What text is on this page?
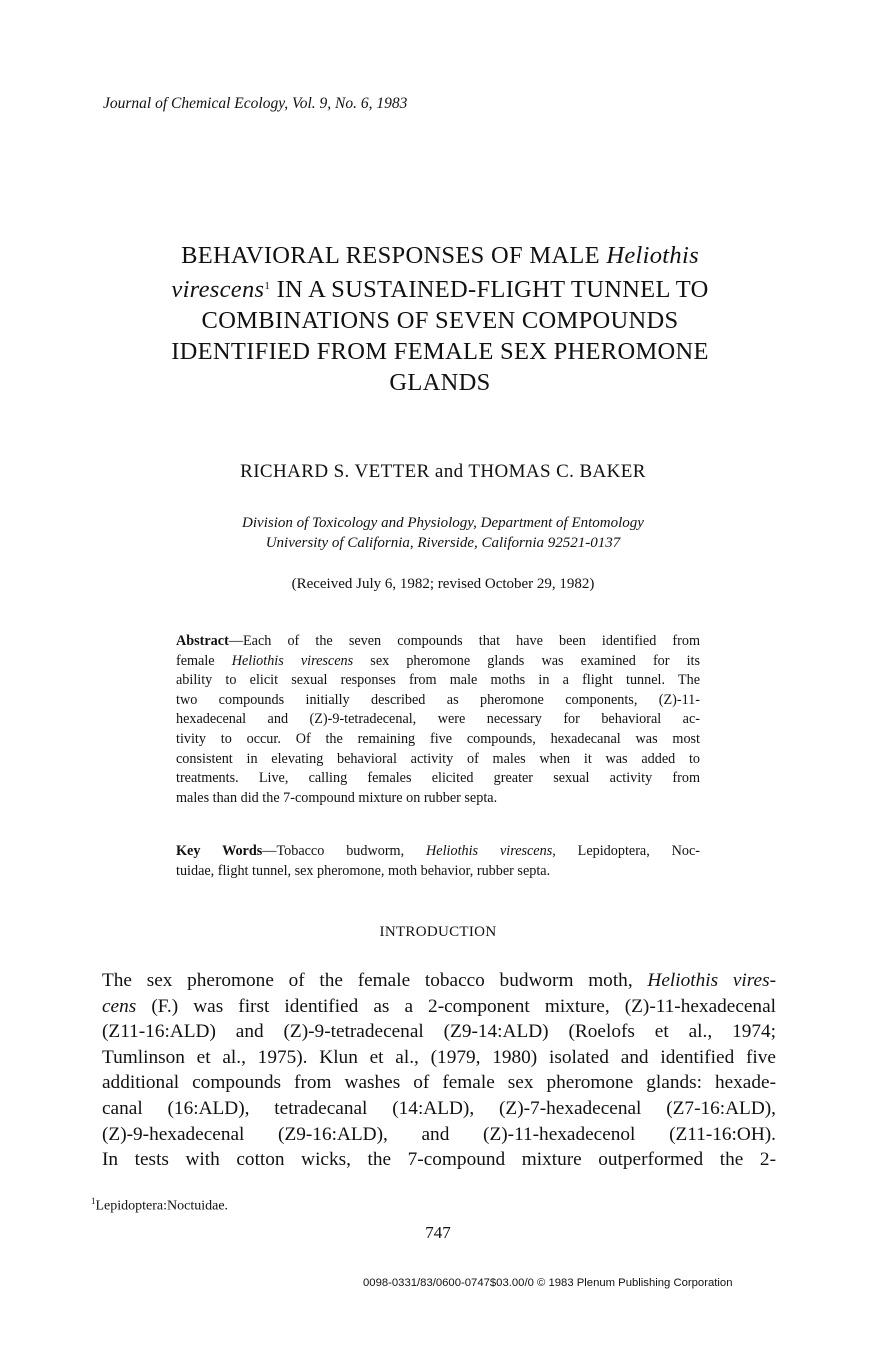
Journal of Chemical Ecology, Vol. 9, No. 6, 1983
BEHAVIORAL RESPONSES OF MALE Heliothis
virescens$^1$ IN A SUSTAINED-FLIGHT TUNNEL TO
COMBINATIONS OF SEVEN COMPOUNDS
IDENTIFIED FROM FEMALE SEX PHEROMONE
GLANDS
RICHARD S. VETTER and THOMAS C. BAKER
Division of Toxicology and Physiology, Department of Entomology
University of California, Riverside, California 92521-0137
(Received July 6, 1982; revised October 29, 1982)
Abstract—Each of the seven compounds that have been identified from
female Heliothis virescens sex pheromone glands was examined for its
ability to elicit sexual responses from male moths in a flight tunnel. The
two compounds initially described as pheromone components, (Z)-11-
hexadecenal and (Z)-9-tetradecenal, were necessary for behavioral ac-
tivity to occur. Of the remaining five compounds, hexadecanal was most
consistent in elevating behavioral activity of males when it was added to
treatments. Live, calling females elicited greater sexual activity from
males than did the 7-compound mixture on rubber septa.
Key Words—Tobacco budworm, Heliothis virescens, Lepidoptera, Noc-
tuidae, flight tunnel, sex pheromone, moth behavior, rubber septa.
INTRODUCTION
The sex pheromone of the female tobacco budworm moth, Heliothis vires-
cens (F.) was first identified as a 2-component mixture, (Z)-11-hexadecenal
(Z11-16:ALD) and (Z)-9-tetradecenal (Z9-14:ALD) (Roelofs et al., 1974;
Tumlinson et al., 1975). Klun et al., (1979, 1980) isolated and identified five
additional compounds from washes of female sex pheromone glands: hexade-
canal (16:ALD), tetradecanal (14:ALD), (Z)-7-hexadecenal (Z7-16:ALD),
(Z)-9-hexadecenal (Z9-16:ALD), and (Z)-11-hexadecenol (Z11-16:OH).
In tests with cotton wicks, the 7-compound mixture outperformed the 2-
$^1$Lepidoptera:Noctuidae.
747
0098-0331/83/0600-0747$03.00/0 © 1983 Plenum Publishing Corporation
